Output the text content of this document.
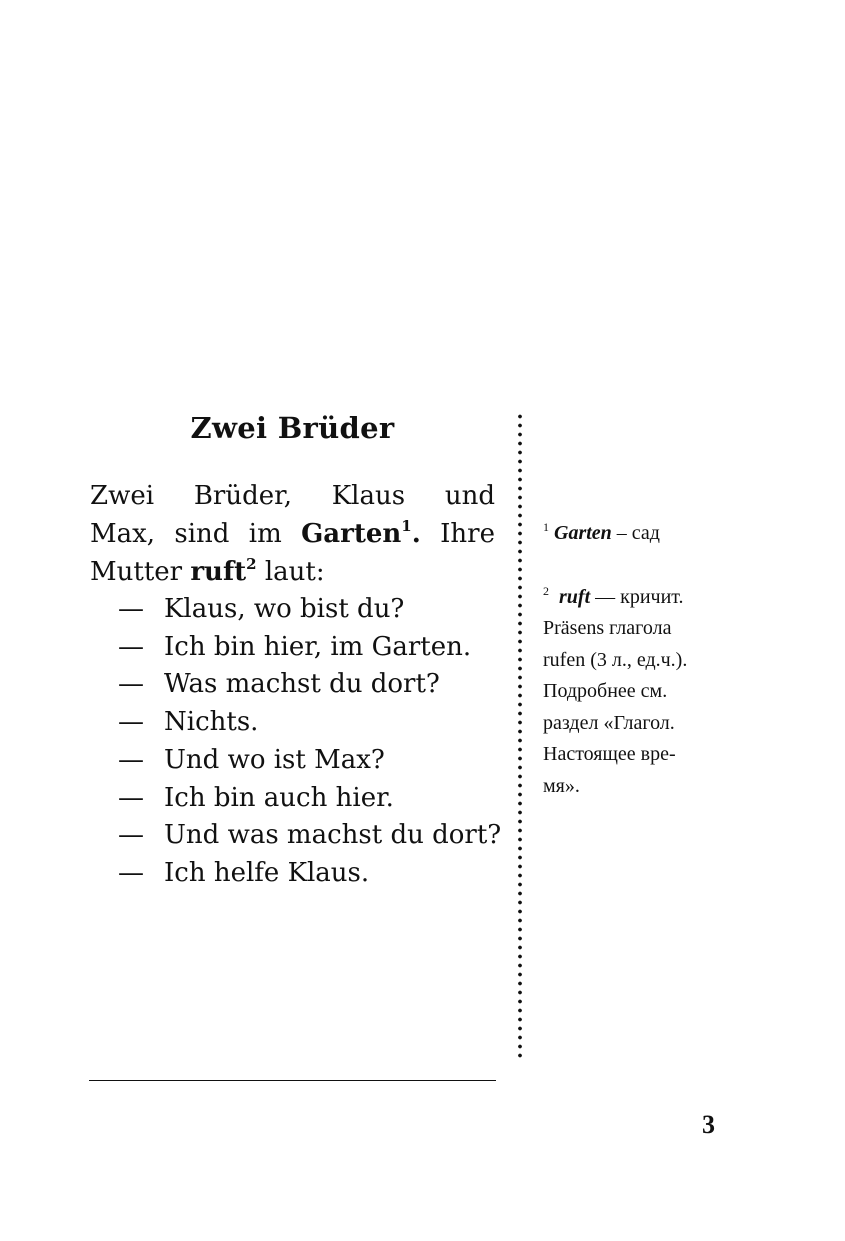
Zwei Brüder
Zwei Brüder, Klaus und
Max, sind im Garten$^1$. Ihre
Mutter
ruft$^2$
laut:
— Klaus, wo bist du?
— Ich bin hier, im Garten.
— Was machst du dort?
— Nichts.
— Und wo ist Max?
— Ich bin auch hier.
— Und was machst du dort?
— Ich helfe Klaus.

$^1$ Garten – сад

$^2$ ruft — кричит.
Präsens глагола
rufen (3 л., ед.ч.).
Подробнее см.
раздел «Глагол.
Настоящее вре-
мя».

3
